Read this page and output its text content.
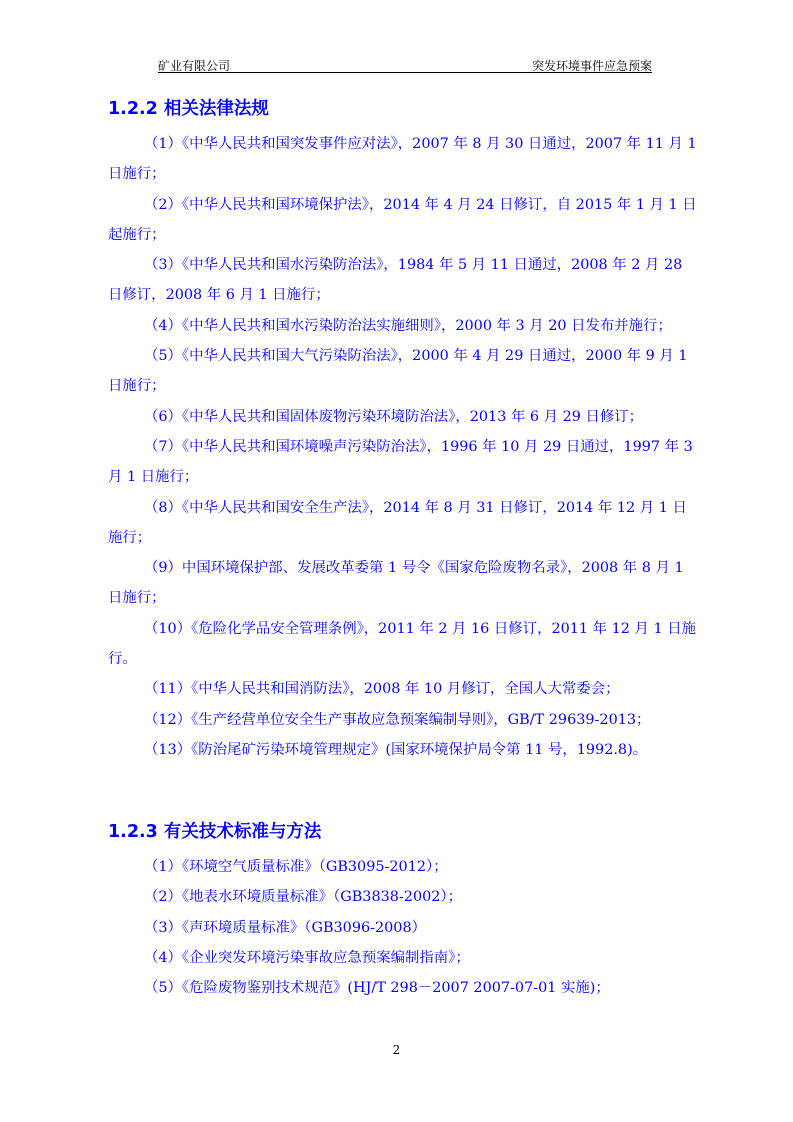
矿业有限公司	突发环境事件应急预案
1.2.2 相关法律法规

（1）《中华人民共和国突发事件应对法》，2007 年 8 月 30 日通过，2007 年 11 月 1 日施行；

（2）《中华人民共和国环境保护法》，2014 年 4 月 24 日修订，自 2015 年 1 月 1 日起施行；

（3）《中华人民共和国水污染防治法》，1984 年 5 月 11 日通过，2008 年 2 月 28 日修订，2008 年 6 月 1 日施行；

（4）《中华人民共和国水污染防治法实施细则》，2000 年 3 月 20 日发布并施行；

（5）《中华人民共和国大气污染防治法》，2000 年 4 月 29 日通过，2000 年 9 月 1 日施行；

（6）《中华人民共和国固体废物污染环境防治法》，2013 年 6 月 29 日修订；

（7）《中华人民共和国环境噪声污染防治法》，1996 年 10 月 29 日通过，1997 年 3 月 1 日施行；

（8）《中华人民共和国安全生产法》，2014 年 8 月 31 日修订，2014 年 12 月 1 日施行；

（9）中国环境保护部、发展改革委第 1 号令《国家危险废物名录》，2008 年 8 月 1 日施行；

（10）《危险化学品安全管理条例》，2011 年 2 月 16 日修订，2011 年 12 月 1 日施行。

（11）《中华人民共和国消防法》，2008 年 10 月修订，全国人大常委会；

（12）《生产经营单位安全生产事故应急预案编制导则》，GB/T 29639-2013；

（13）《防治尾矿污染环境管理规定》(国家环境保护局令第 11 号，1992.8)。

1.2.3 有关技术标准与方法

（1）《环境空气质量标准》（GB3095-2012）；

（2）《地表水环境质量标准》（GB3838-2002）；

（3）《声环境质量标准》（GB3096-2008）

（4）《企业突发环境污染事故应急预案编制指南》；

（5）《危险废物鉴别技术规范》(HJ/T 298－2007 2007-07-01 实施)；

2
